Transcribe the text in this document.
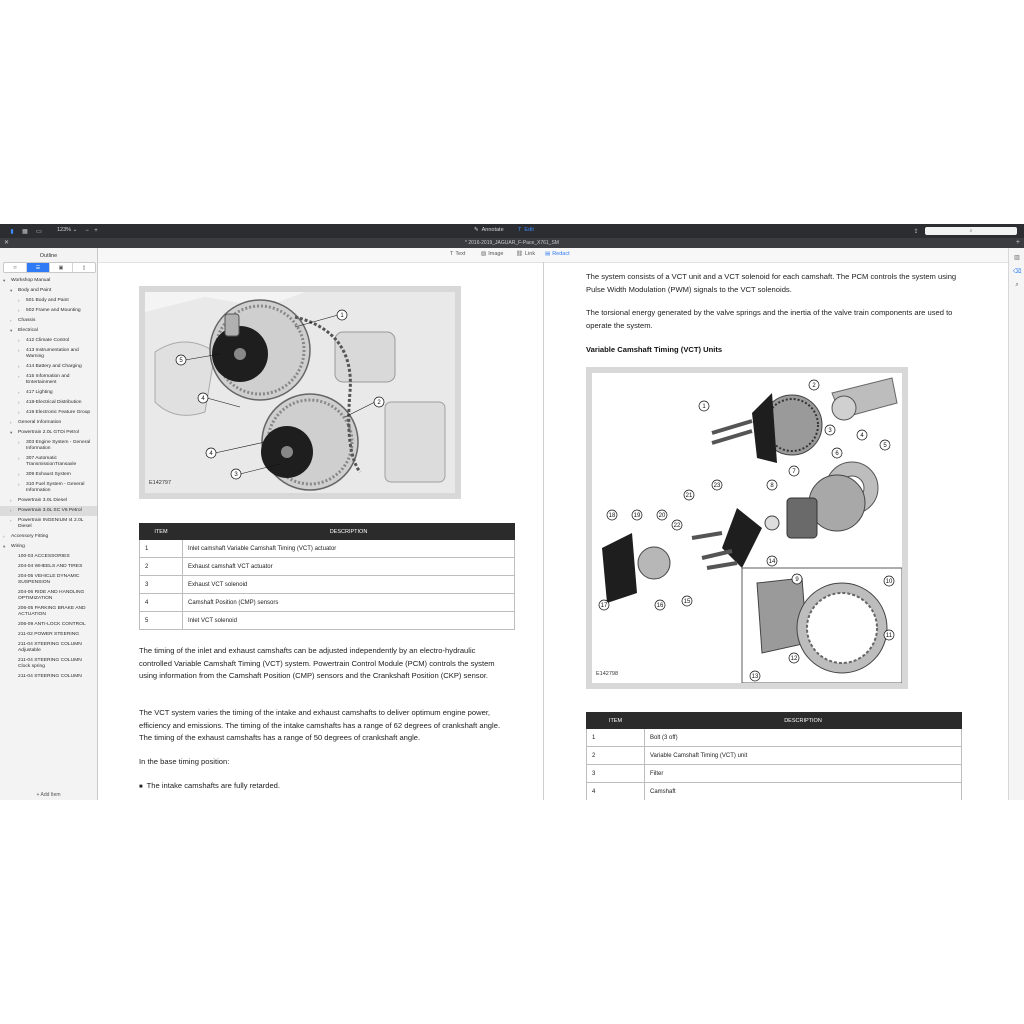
▮	▦ ▭	123% ⌄	− +	✎ Annotate	T Edit	⇪	⌕
✕	* 2016-2019_JAGUAR_F-Pace_X761_SM	+
Outline
⌑	☰	▣	▯
▾ Workshop Manual
▾ Body and Paint
› 501 Body and Paint
› 502 Frame and Mounting
› Chassis
▾ Electrical
› 412 Climate Control
› 413 Instrumentation and Warning
› 414 Battery and Charging
› 415 Information and Entertainment
› 417 Lighting
› 418-Electrical Distribution
› 419 Electronic Feature Group
› General Information
▾ Powertrain 2.0L GTDi Petrol
› 303 Engine System - General Information
› 307 Automatic TransmissionTransaxle
› 309 Exhaust System
› 310 Fuel System - General Information
› Powertrain 3.0L Diesel
› Powertrain 3.0L SC V6 Petrol
› Powertrain INGENIUM I4 2.0L Diesel
› Accessory Fitting
▾ Wiring
100-03 ACCESSORIES
204-04 WHEELS AND TIRES
204-05 VEHICLE DYNAMIC SUSPENSION
204-06 RIDE AND HANDLING OPTIMIZATION
206-05 PARKING BRAKE AND ACTUATION
206-09 ANTI-LOCK CONTROL
211-02 POWER STEERING
211-04 STEERING COLUMN Adjustable
211-04 STEERING COLUMN Clock spring
211-04 STEERING COLUMN
+ Add Item
T Text	▨ Image ⛓ Link ▤ Redact
5
4
4
3
2
1
E142797
ITEM	DESCRIPTION
1	Inlet camshaft Variable Camshaft Timing (VCT) actuator
2	Exhaust camshaft VCT actuator
3	Exhaust VCT solenoid
4	Camshaft Position (CMP) sensors
5	Inlet VCT solenoid
The timing of the inlet and exhaust camshafts can be adjusted independently by an electro-hydraulic controlled Variable Camshaft Timing (VCT) system. Powertrain Control Module (PCM) controls the system using information from the Camshaft Position (CMP) sensors and the Crankshaft Position (CKP) sensor.
The VCT system varies the timing of the intake and exhaust camshafts to deliver optimum engine power, efficiency and emissions. The timing of the intake camshafts has a range of 62 degrees of crankshaft angle. The timing of the exhaust camshafts has a range of 50 degrees of crankshaft angle.
In the base timing position:
■ The intake camshafts are fully retarded.
The system consists of a VCT unit and a VCT solenoid for each camshaft. The PCM controls the system using Pulse Width Modulation (PWM) signals to the VCT solenoids.
The torsional energy generated by the valve springs and the inertia of the valve train components are used to operate the system.
Variable Camshaft Timing (VCT) Units
1
2
3
4
5
6
7
8
9	10
11
12
13
14
15
16
17
18	19	20
21
22
23
E142798
ITEM	DESCRIPTION
1	Bolt (3 off)
2	Variable Camshaft Timing (VCT) unit
3	Filter
4	Camshaft
▥
⌫
⌕
